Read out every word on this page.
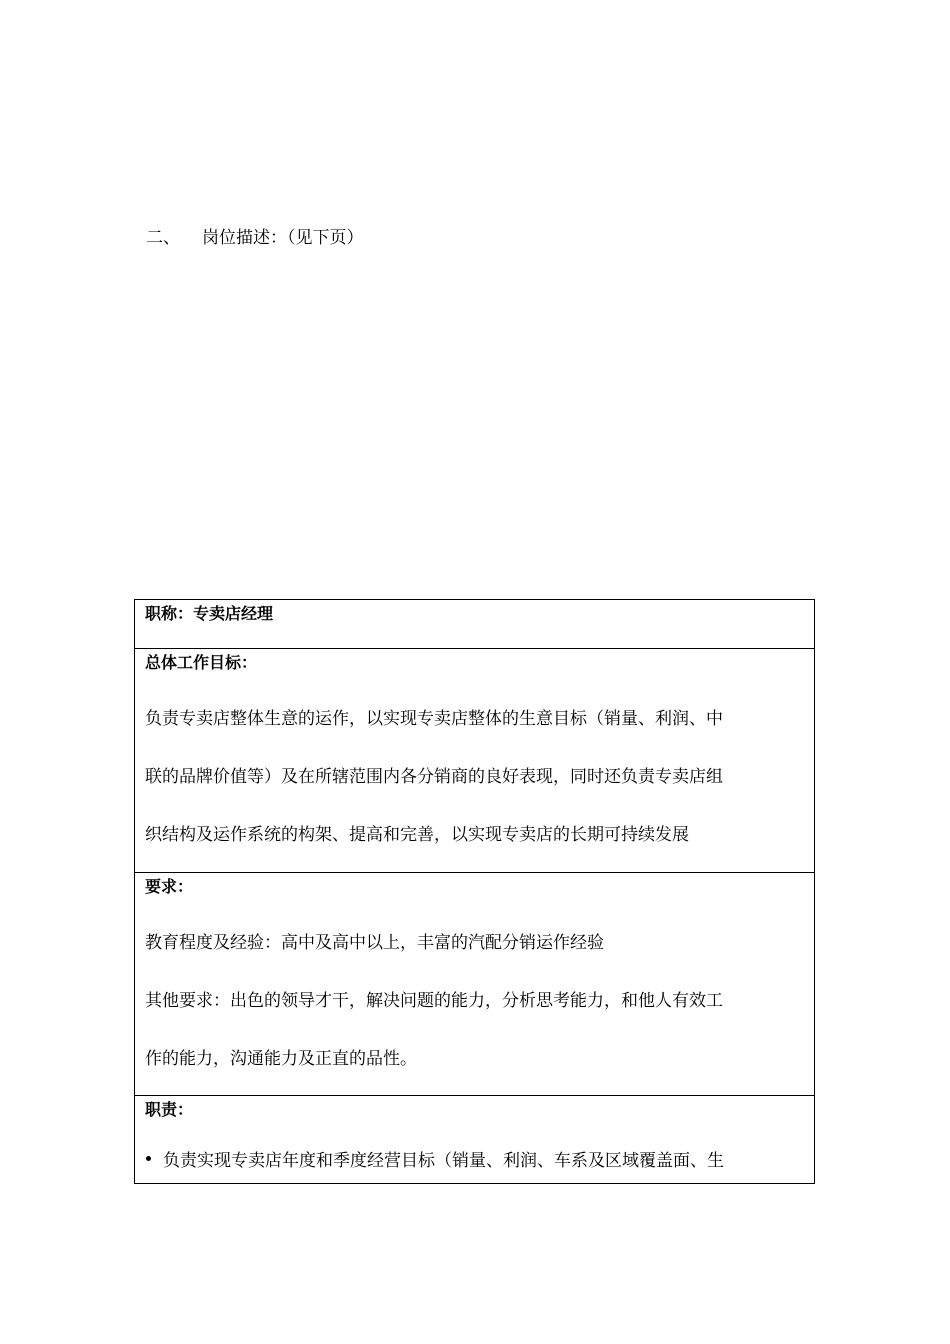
二、 岗位描述：（见下页）
职称：专卖店经理
总体工作目标：
负责专卖店整体生意的运作，以实现专卖店整体的生意目标（销量、利润、中
联的品牌价值等）及在所辖范围内各分销商的良好表现，同时还负责专卖店组
织结构及运作系统的构架、提高和完善，以实现专卖店的长期可持续发展
要求：
教育程度及经验：高中及高中以上，丰富的汽配分销运作经验
其他要求：出色的领导才干，解决问题的能力，分析思考能力，和他人有效工
作的能力，沟通能力及正直的品性。
职责：
负责实现专卖店年度和季度经营目标（销量、利润、车系及区域覆盖面、生
